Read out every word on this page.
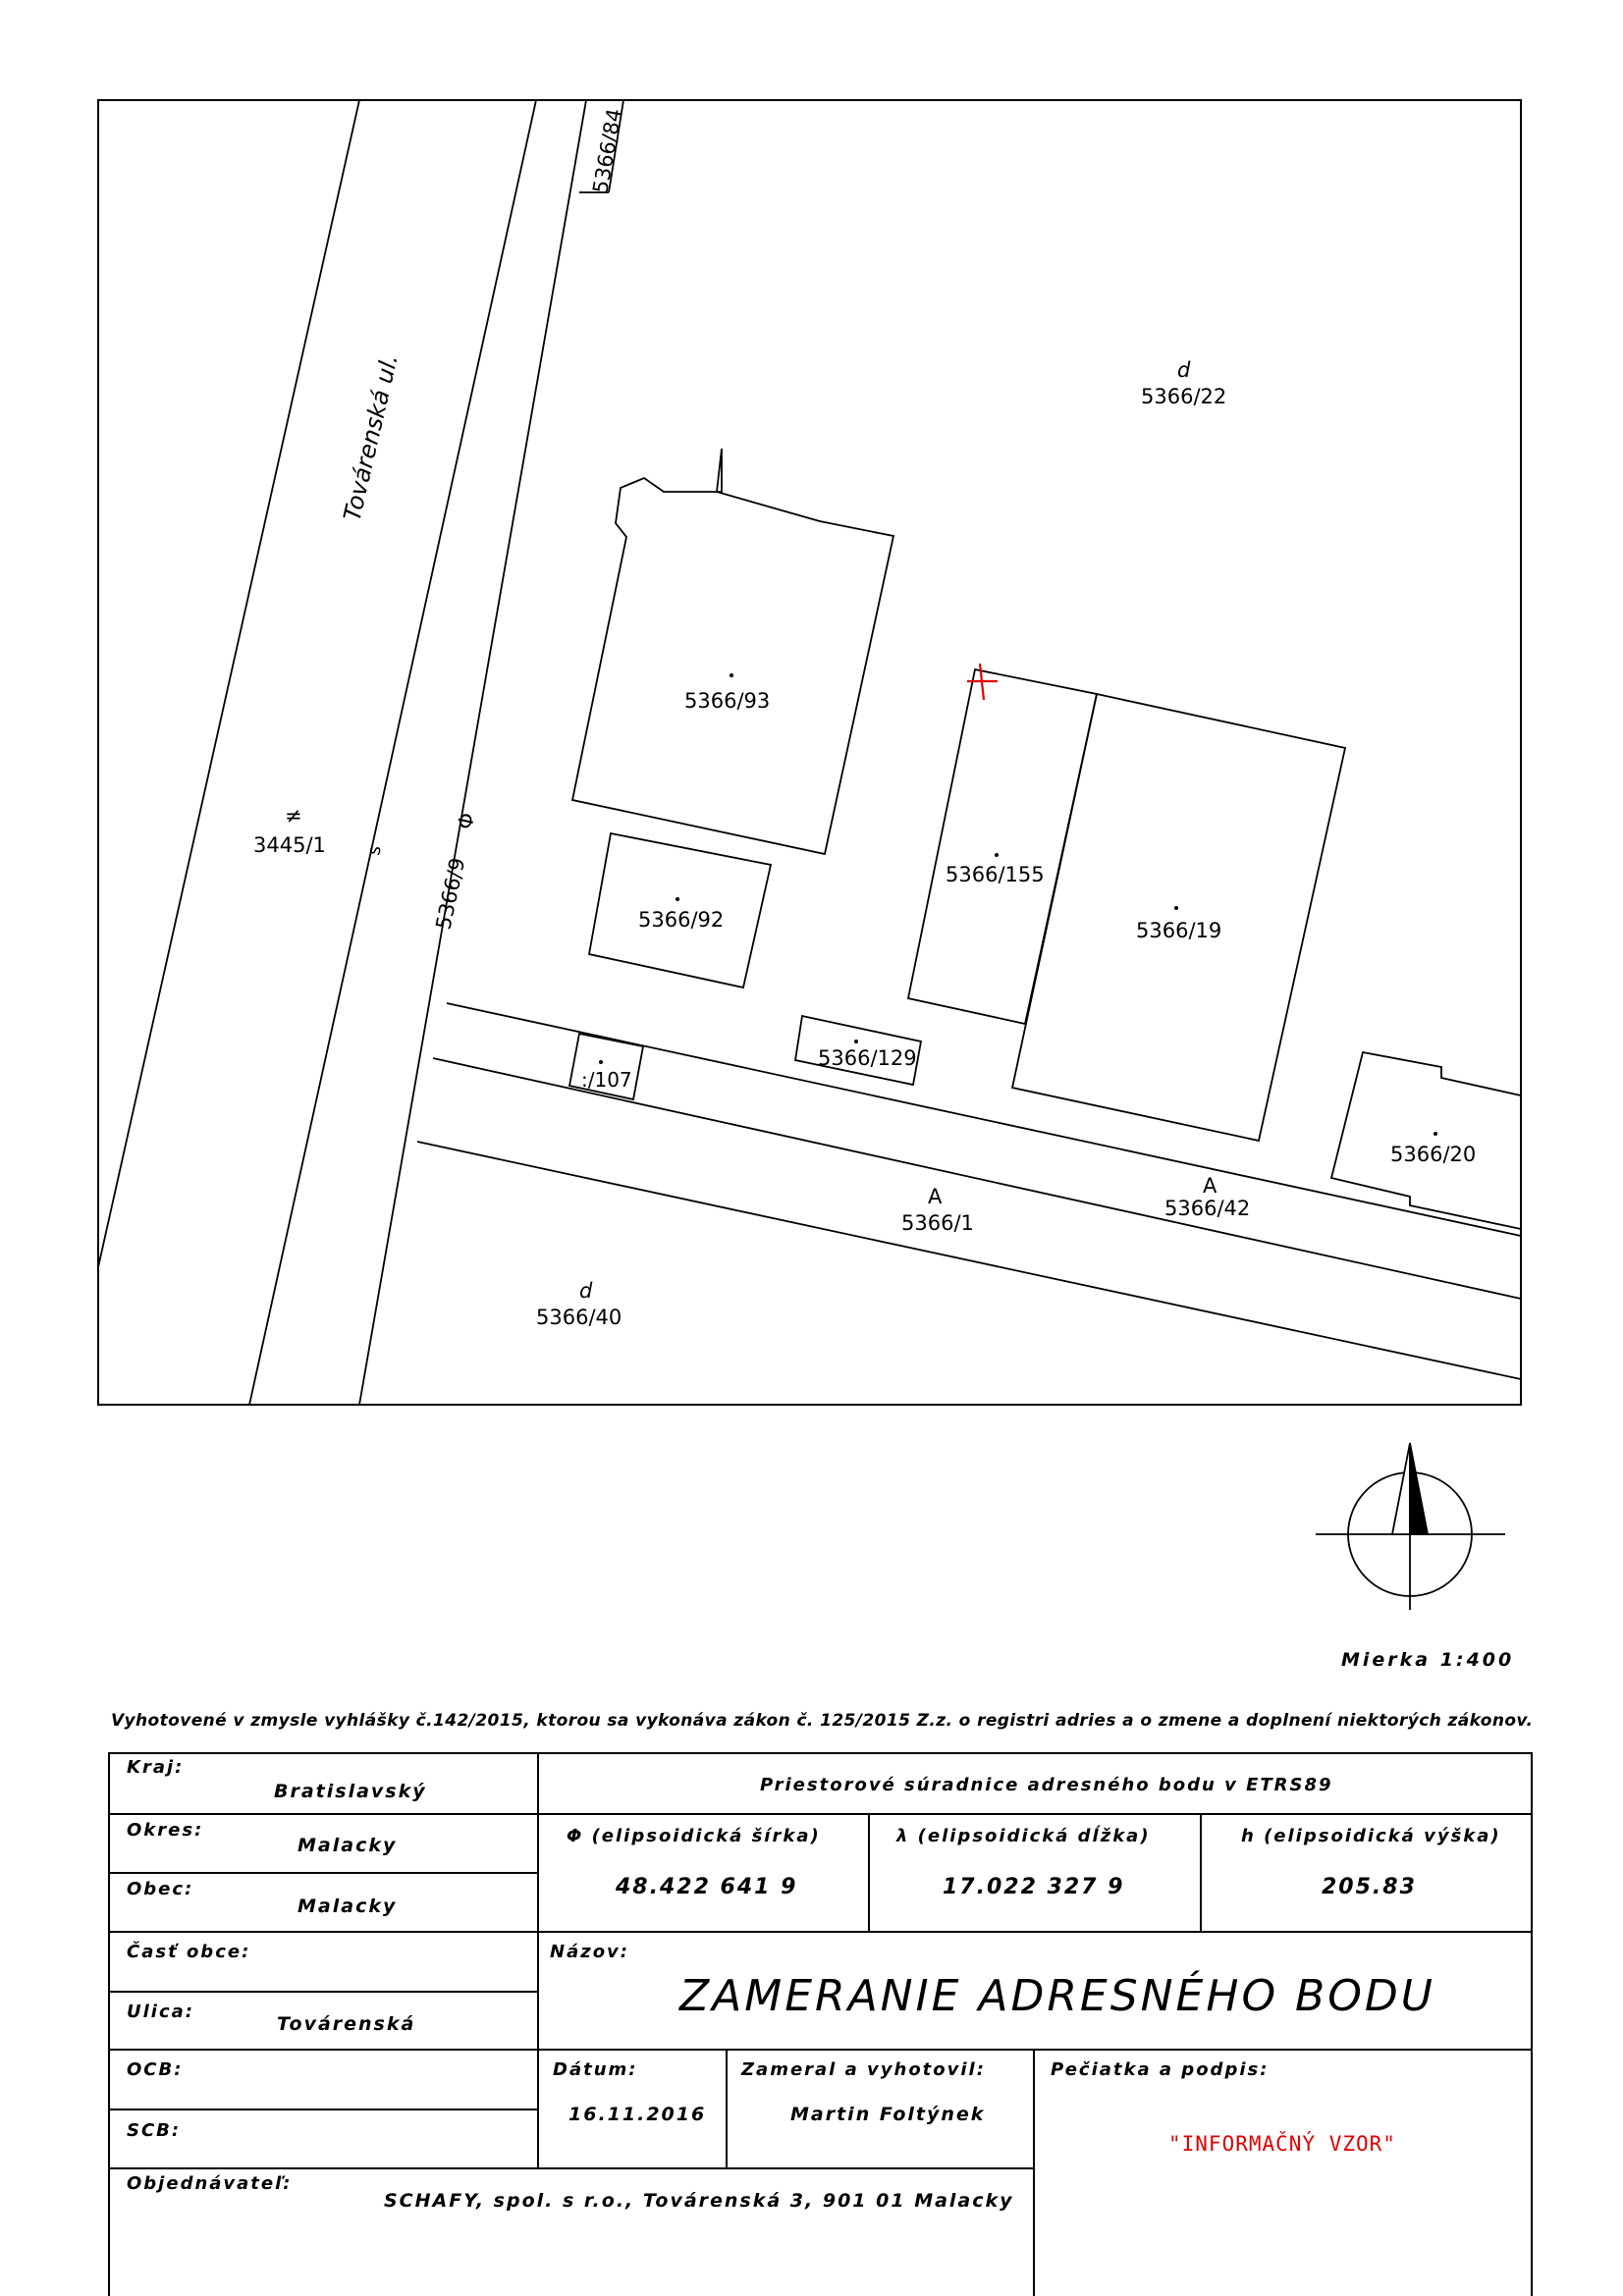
5366/84
5366/22
5366/93
3445/1
5366/9	5366/92
5366/155
5366/19
5366/129
:/107
5366/20
5366/1
5366/42
5366/40
Továrenská ul.	d
d
A	A
≠	Φ
s
Mierka 1:400
Vyhotovené v zmysle vyhlášky č.142/2015, ktorou sa vykonáva zákon č. 125/2015 Z.z. o registri adries a o zmene a doplnení niektorých zákonov.
Kraj:
Bratislavský
Okres:
Malacky
Obec:
Malacky
Časť obce:
Ulica:
Továrenská
OCB:
SCB:
Objednávateľ:
SCHAFY, spol. s r.o., Továrenská 3, 901 01 Malacky
Priestorové súradnice adresného bodu v ETRS89
Φ (elipsoidická šírka)
48.422 641 9
λ (elipsoidická dĺžka)
17.022 327 9
h (elipsoidická výška)
205.83
Názov:
ZAMERANIE ADRESNÉHO BODU
Dátum:
16.11.2016
Zameral a vyhotovil:
Martin Foltýnek
Pečiatka a podpis:
"INFORMAČNÝ VZOR"
